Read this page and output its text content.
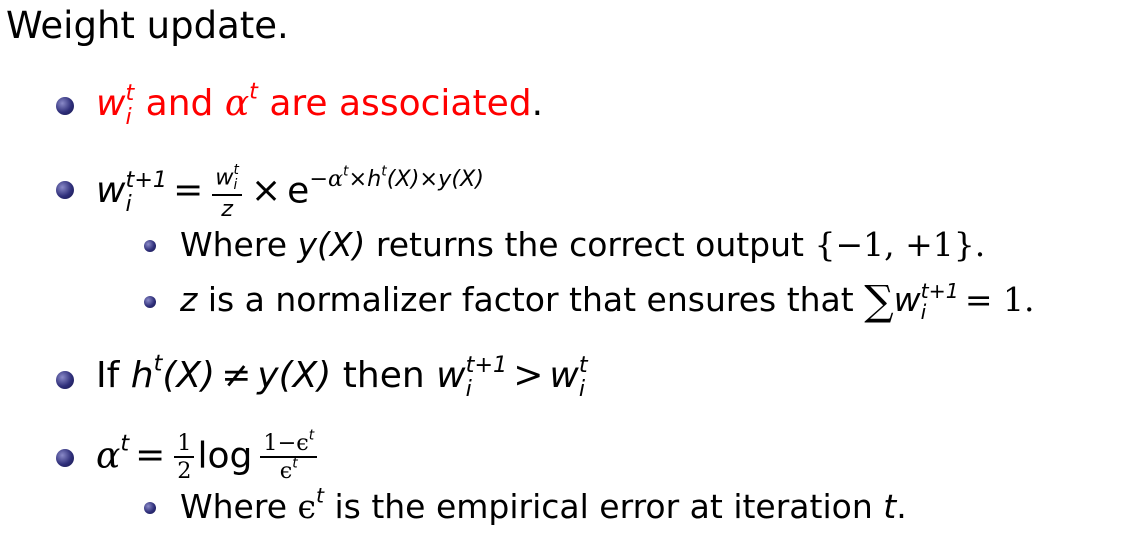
Weight update.
w t
i and $\alpha^t$ are associated.
w t+1
i	= w t
i
$z \times e^{-\alpha^t\times h^t(X)\times y(X)}$
Where y(X) returns the correct output {−1, +1}.
z is a normalizer factor that ensures that ∑w t+1
i	= 1.
If $h^t(X) \ne y(X)$ then w t+1
i	> w t
i
$\alpha^t = \frac{1}{2}$ $\log \frac{1-\epsilon^t}{\epsilon^t}$
Where $\epsilon^t$ is the empirical error at iteration t.
